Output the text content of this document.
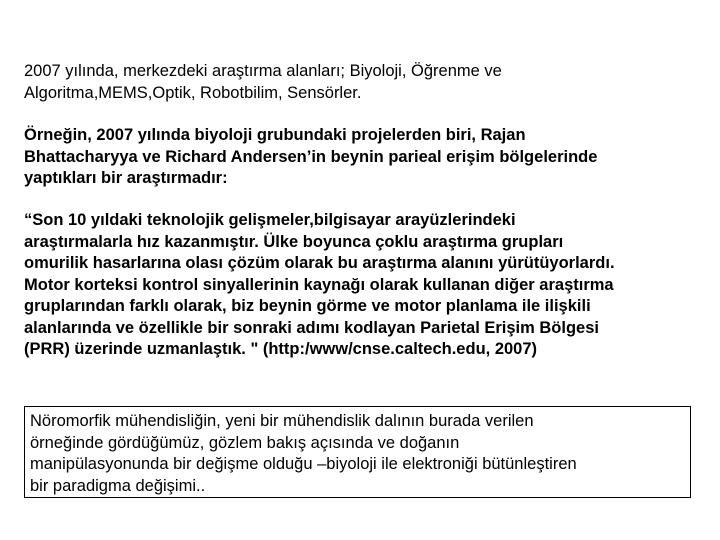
2007 yılında, merkezdeki araştırma alanları; Biyoloji, Öğrenme ve
Algoritma,MEMS,Optik, Robotbilim, Sensörler.

Örneğin, 2007 yılında biyoloji grubundaki projelerden biri, Rajan
Bhattacharyya ve Richard Andersen’in beynin parieal erişim bölgelerinde
yaptıkları bir araştırmadır:

“Son 10 yıldaki teknolojik gelişmeler,bilgisayar arayüzlerindeki
araştırmalarla hız kazanmıştır. Ülke boyunca çoklu araştırma grupları
omurilik hasarlarına olası çözüm olarak bu araştırma alanını yürütüyorlardı.
Motor korteksi kontrol sinyallerinin kaynağı olarak kullanan diğer araştırma
gruplarından farklı olarak, biz beynin görme ve motor planlama ile ilişkili
alanlarında ve özellikle bir sonraki adımı kodlayan Parietal Erişim Bölgesi
(PRR) üzerinde uzmanlaştık. " (http:/www/cnse.caltech.edu, 2007)

Nöromorfik mühendisliğin, yeni bir mühendislik dalının burada verilen
örneğinde gördüğümüz, gözlem bakış açısında ve doğanın
manipülasyonunda bir değişme olduğu –biyoloji ile elektroniği bütünleştiren
bir paradigma değişimi..
